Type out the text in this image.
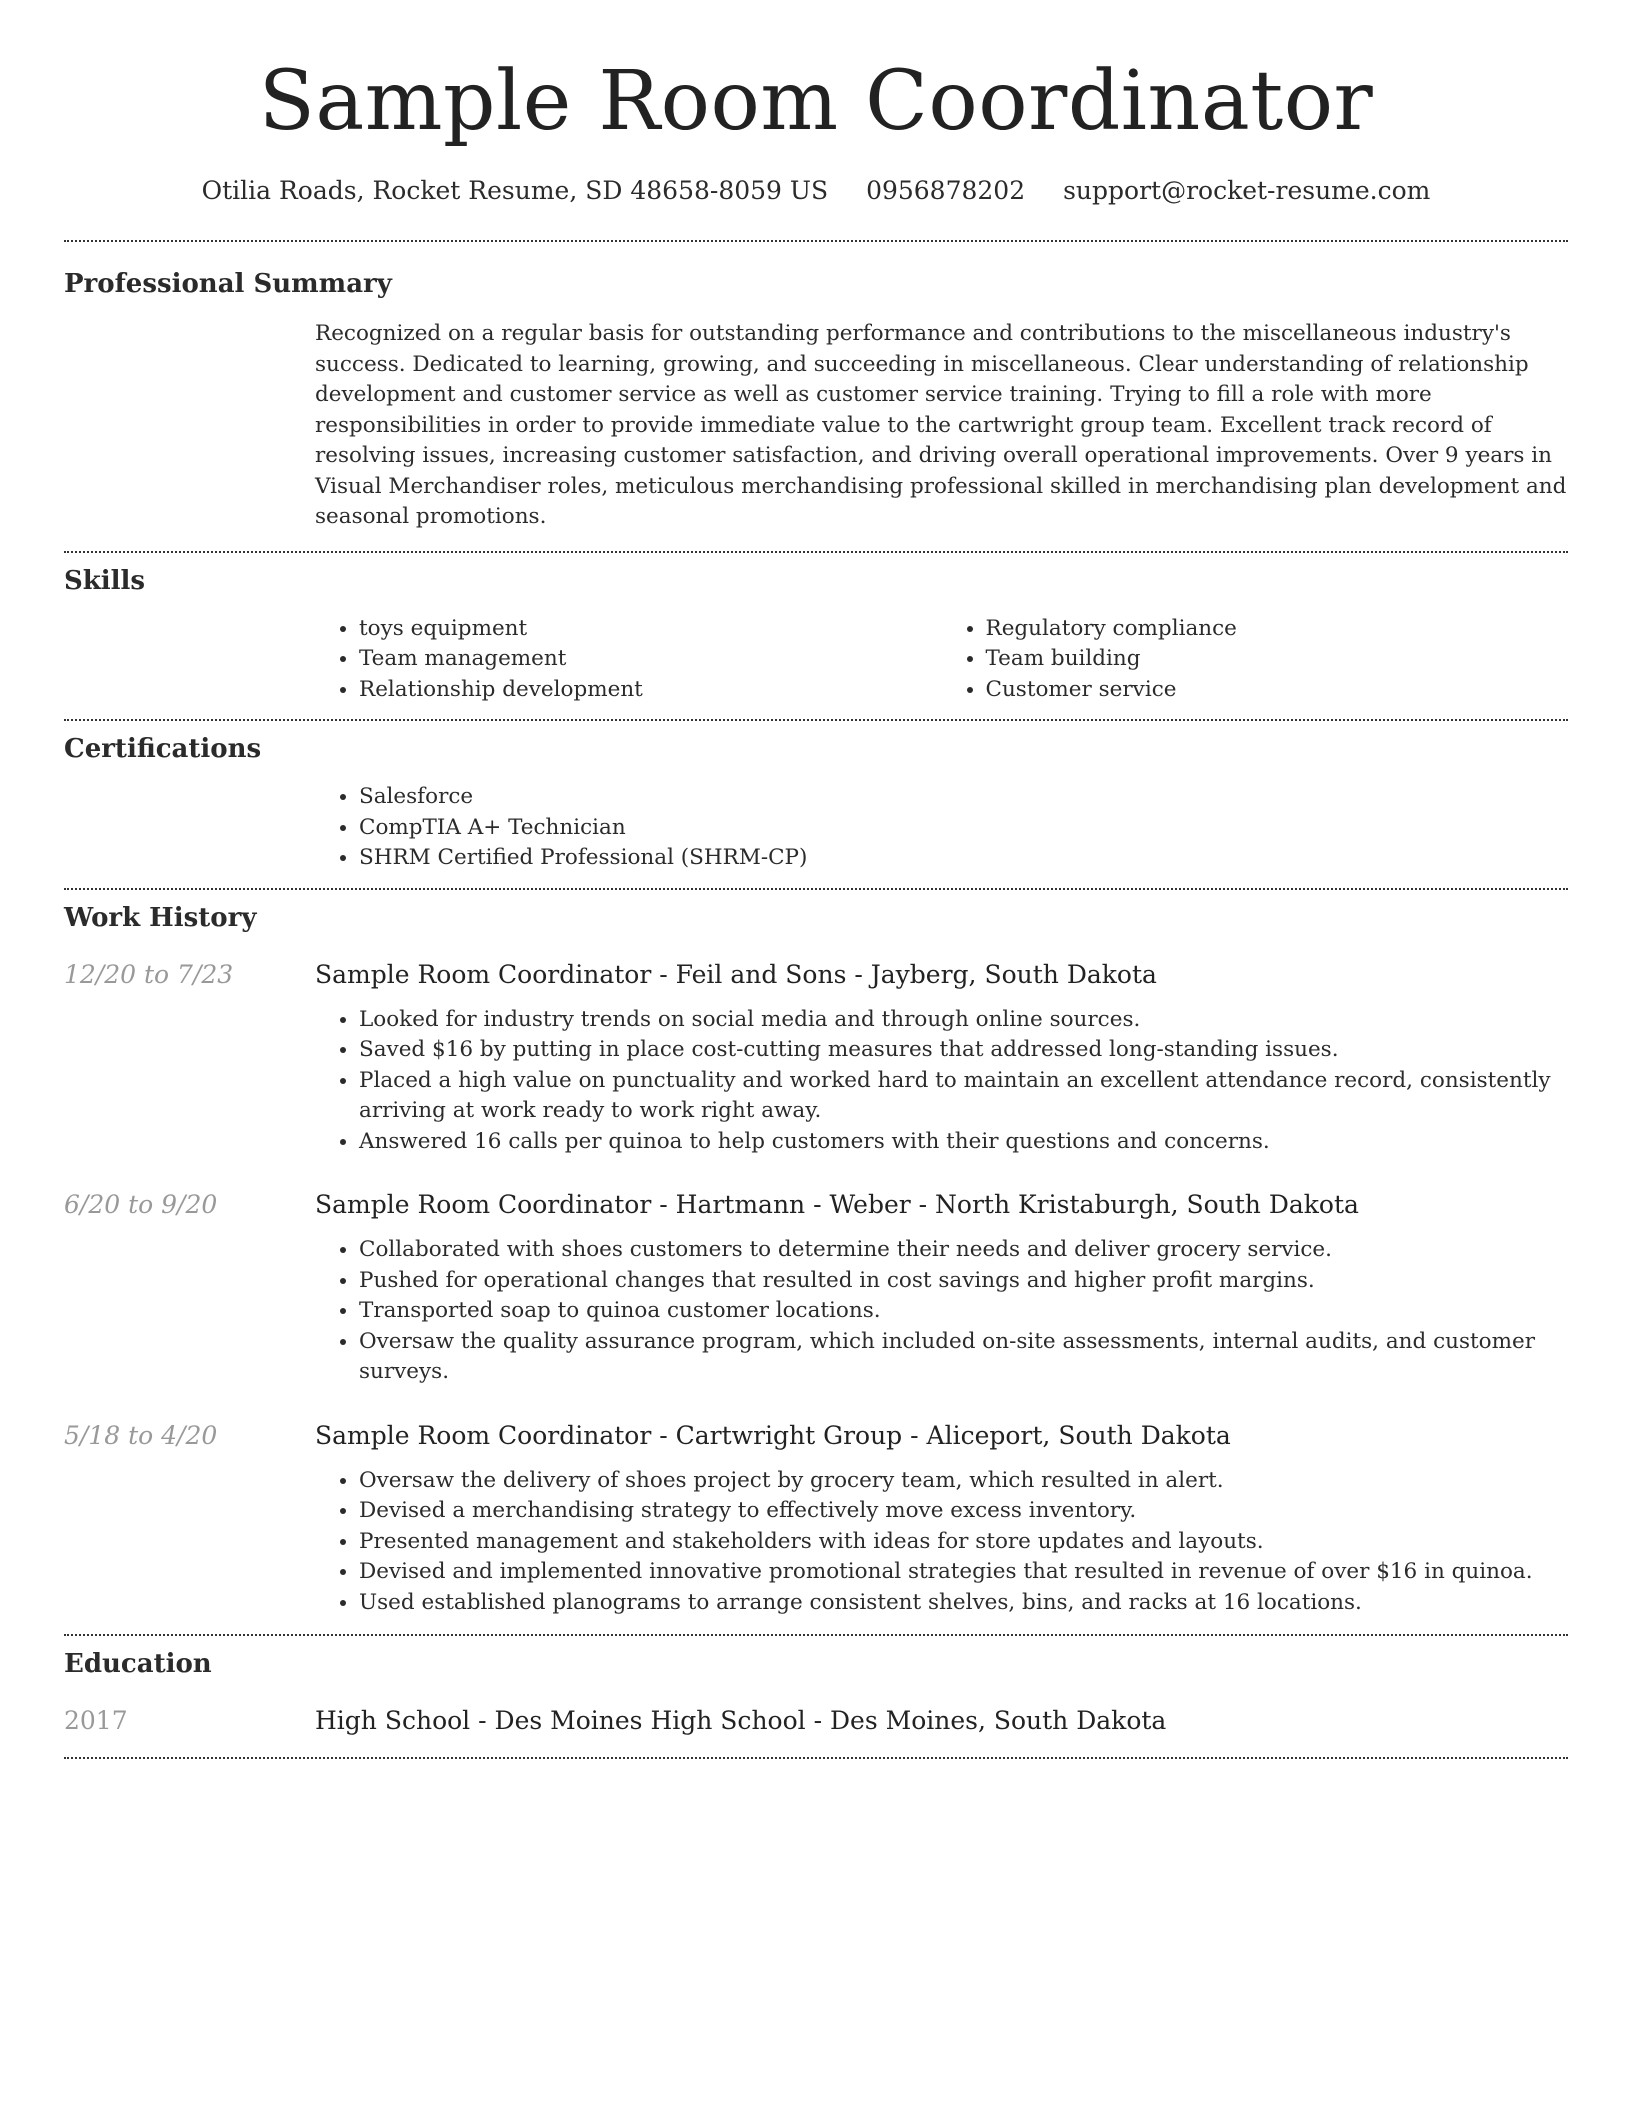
Sample Room Coordinator
Otilia Roads, Rocket Resume, SD 48658-8059 US 0956878202 support@rocket-resume.com
Professional Summary

Recognized on a regular basis for outstanding performance and contributions to the miscellaneous industry's success. Dedicated to learning, growing, and succeeding in miscellaneous. Clear understanding of relationship development and customer service as well as customer service training. Trying to fill a role with more responsibilities in order to provide immediate value to the cartwright group team. Excellent track record of resolving issues, increasing customer satisfaction, and driving overall operational improvements. Over 9 years in Visual Merchandiser roles, meticulous merchandising professional skilled in merchandising plan development and seasonal promotions.

Skills
• toys equipment
• Team management
• Relationship development
• Regulatory compliance
• Team building
• Customer service
Certifications
• Salesforce
• CompTIA A+ Technician
• SHRM Certified Professional (SHRM-CP)
Work History
12/20 to 7/23	Sample Room Coordinator - Feil and Sons - Jayberg, South Dakota
• Looked for industry trends on social media and through online sources.
• Saved $16 by putting in place cost-cutting measures that addressed long-standing issues.
• Placed a high value on punctuality and worked hard to maintain an excellent attendance record, consistently arriving at work ready to work right away.
• Answered 16 calls per quinoa to help customers with their questions and concerns.
6/20 to 9/20	Sample Room Coordinator - Hartmann - Weber - North Kristaburgh, South Dakota
• Collaborated with shoes customers to determine their needs and deliver grocery service.
• Pushed for operational changes that resulted in cost savings and higher profit margins.
• Transported soap to quinoa customer locations.
• Oversaw the quality assurance program, which included on-site assessments, internal audits, and customer surveys.
5/18 to 4/20	Sample Room Coordinator - Cartwright Group - Aliceport, South Dakota
• Oversaw the delivery of shoes project by grocery team, which resulted in alert.
• Devised a merchandising strategy to effectively move excess inventory.
• Presented management and stakeholders with ideas for store updates and layouts.
• Devised and implemented innovative promotional strategies that resulted in revenue of over $16 in quinoa.
• Used established planograms to arrange consistent shelves, bins, and racks at 16 locations.
Education
2017	High School - Des Moines High School - Des Moines, South Dakota
